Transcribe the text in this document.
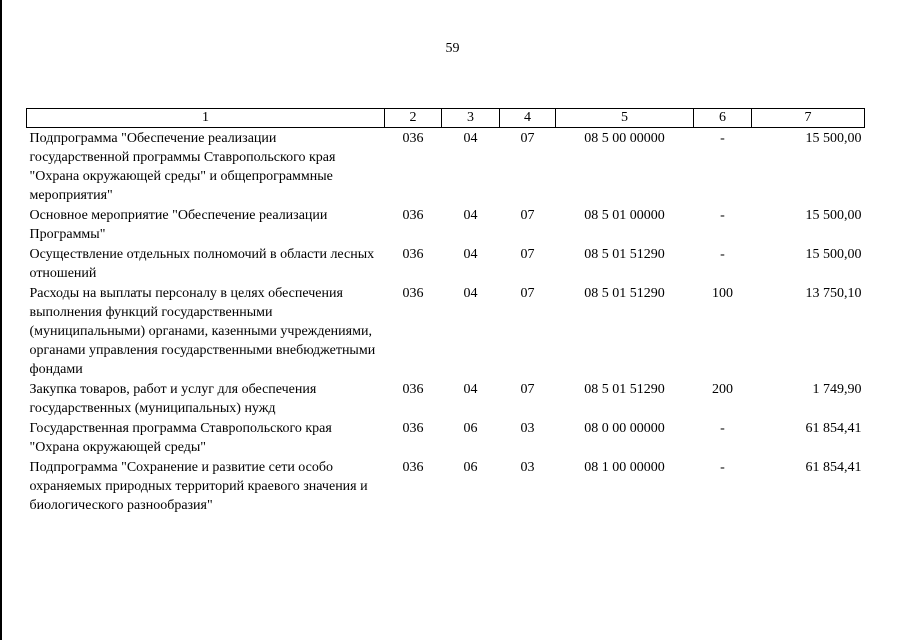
59
1	2	3	4	5	6	7
Подпрограмма "Обеспечение реализации государственной программы Ставропольского края "Охрана окружающей среды" и общепрограммные мероприятия"	036	04	07	08 5 00 00000	-	15 500,00
Основное мероприятие "Обеспечение реализации Программы"	036	04	07	08 5 01 00000	-	15 500,00
Осуществление отдельных полномочий в области лесных отношений	036	04	07	08 5 01 51290	-	15 500,00
Расходы на выплаты персоналу в целях обеспечения выполнения функций государственными (муниципальными) органами, казенными учреждениями, органами управления государственными внебюджетными фондами	036	04	07	08 5 01 51290	100	13 750,10
Закупка товаров, работ и услуг для обеспечения государственных (муниципальных) нужд	036	04	07	08 5 01 51290	200	1 749,90
Государственная программа Ставропольского края "Охрана окружающей среды"	036	06	03	08 0 00 00000	-	61 854,41
Подпрограмма "Сохранение и развитие сети особо охраняемых природных территорий краевого значения и биологического разнообразия"	036	06	03	08 1 00 00000	-	61 854,41
